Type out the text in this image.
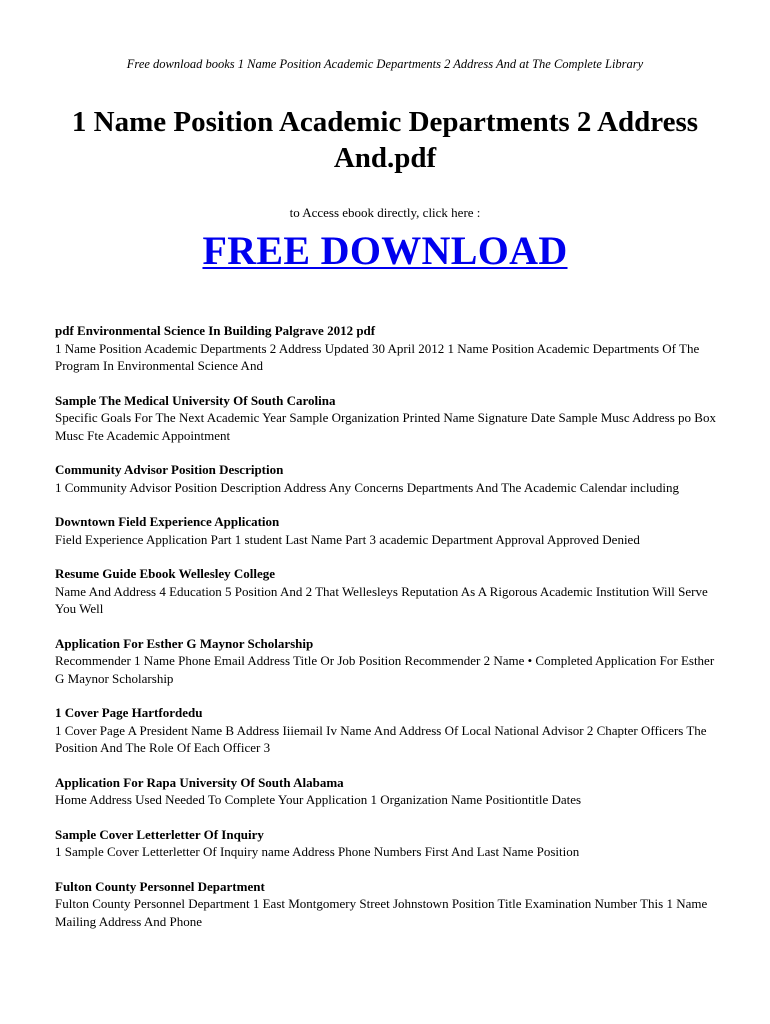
Free download books 1 Name Position Academic Departments 2 Address And at The Complete Library
1 Name Position Academic Departments 2 Address And.pdf
to Access ebook directly, click here :
FREE DOWNLOAD
pdf Environmental Science In Building Palgrave 2012 pdf
1 Name Position Academic Departments 2 Address Updated 30 April 2012 1 Name Position Academic Departments Of The Program In Environmental Science And
Sample The Medical University Of South Carolina
Specific Goals For The Next Academic Year Sample Organization Printed Name Signature Date Sample Musc Address po Box Musc Fte Academic Appointment
Community Advisor Position Description
1 Community Advisor Position Description Address Any Concerns Departments And The Academic Calendar including
Downtown Field Experience Application
Field Experience Application Part 1 student Last Name Part 3 academic Department Approval Approved Denied
Resume Guide Ebook Wellesley College
Name And Address 4 Education 5 Position And 2 That Wellesleys Reputation As A Rigorous Academic Institution Will Serve You Well
Application For Esther G Maynor Scholarship
Recommender 1 Name Phone Email Address Title Or Job Position Recommender 2 Name • Completed Application For Esther G Maynor Scholarship
1 Cover Page Hartfordedu
1 Cover Page A President Name B Address Iiiemail Iv Name And Address Of Local National Advisor 2 Chapter Officers The Position And The Role Of Each Officer 3
Application For Rapa University Of South Alabama
Home Address Used Needed To Complete Your Application 1 Organization Name Positiontitle Dates
Sample Cover Letterletter Of Inquiry
1 Sample Cover Letterletter Of Inquiry name Address Phone Numbers First And Last Name Position
Fulton County Personnel Department
Fulton County Personnel Department 1 East Montgomery Street Johnstown Position Title Examination Number This 1 Name Mailing Address And Phone
